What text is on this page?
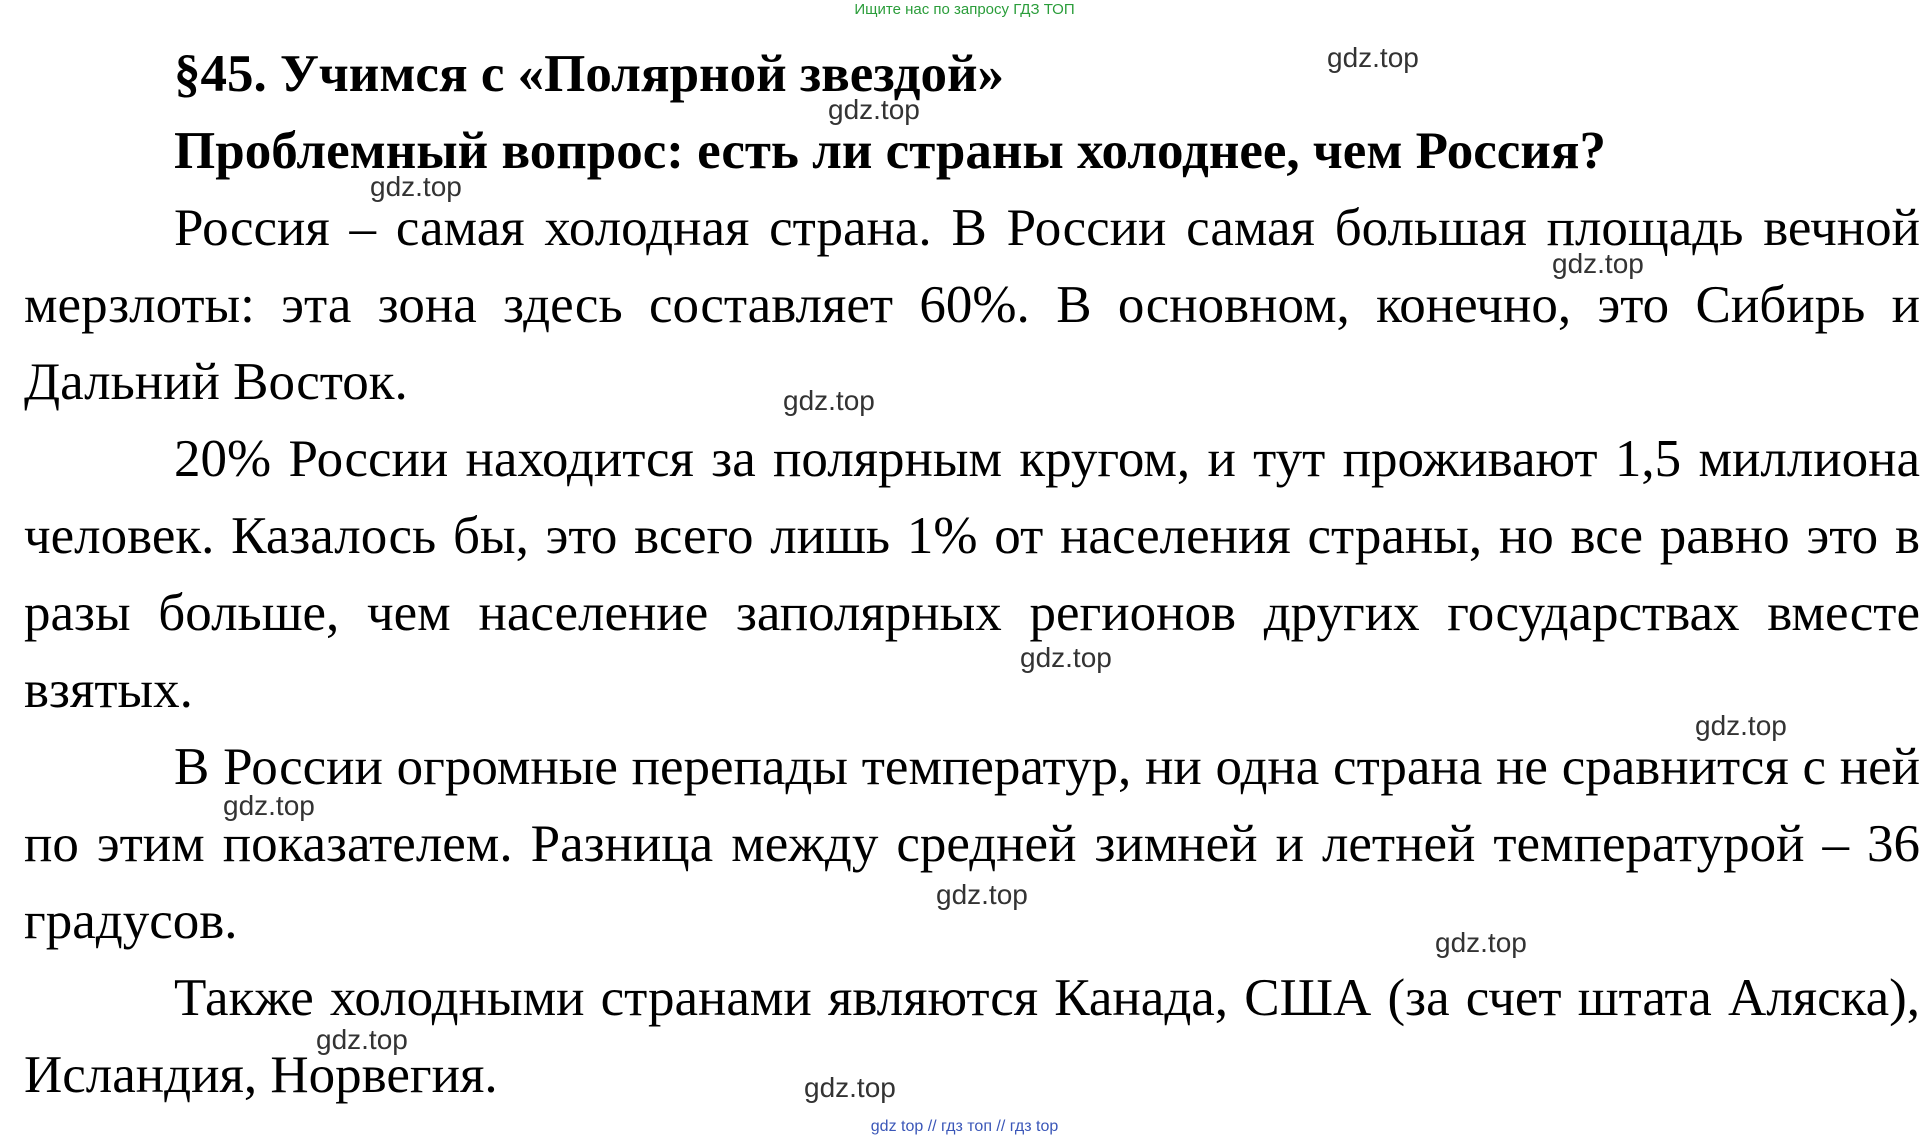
Ищите нас по запросу ГДЗ ТОП
§45. Учимся с «Полярной звездой»
Проблемный вопрос: есть ли страны холоднее, чем Россия?

Россия – самая холодная страна. В России самая большая площадь вечной мерзлоты: эта зона здесь составляет 60%. В основном, конечно, это Сибирь и Дальний Восток.

20% России находится за полярным кругом, и тут проживают 1,5 миллиона человек. Казалось бы, это всего лишь 1% от населения страны, но все равно это в разы больше, чем население заполярных регионов других государствах вместе взятых.

В России огромные перепады температур, ни одна страна не сравнится с ней по этим показателем. Разница между средней зимней и летней температурой – 36 градусов.

Также холодными странами являются Канада, США (за счет штата Аляска), Исландия, Норвегия.

gdz.top
gdz.top
gdz.top
gdz.top
gdz.top
gdz.top
gdz.top
gdz.top
gdz.top
gdz.top
gdz.top
gdz.top
gdz top // гдз топ // гдз top
